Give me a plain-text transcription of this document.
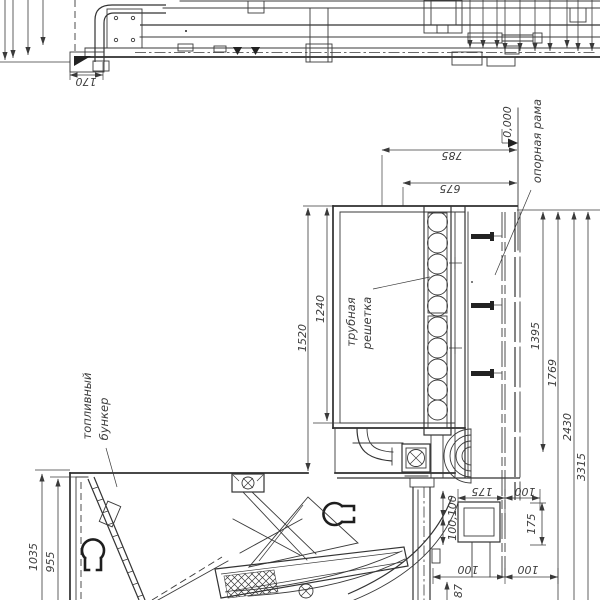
170
0,000 опорная рама
785
675
трубная решетка
1240
1520	1395
1769
2430
3315
топливный бункер
1035 955
175 100
100,100	175
100	100
87
